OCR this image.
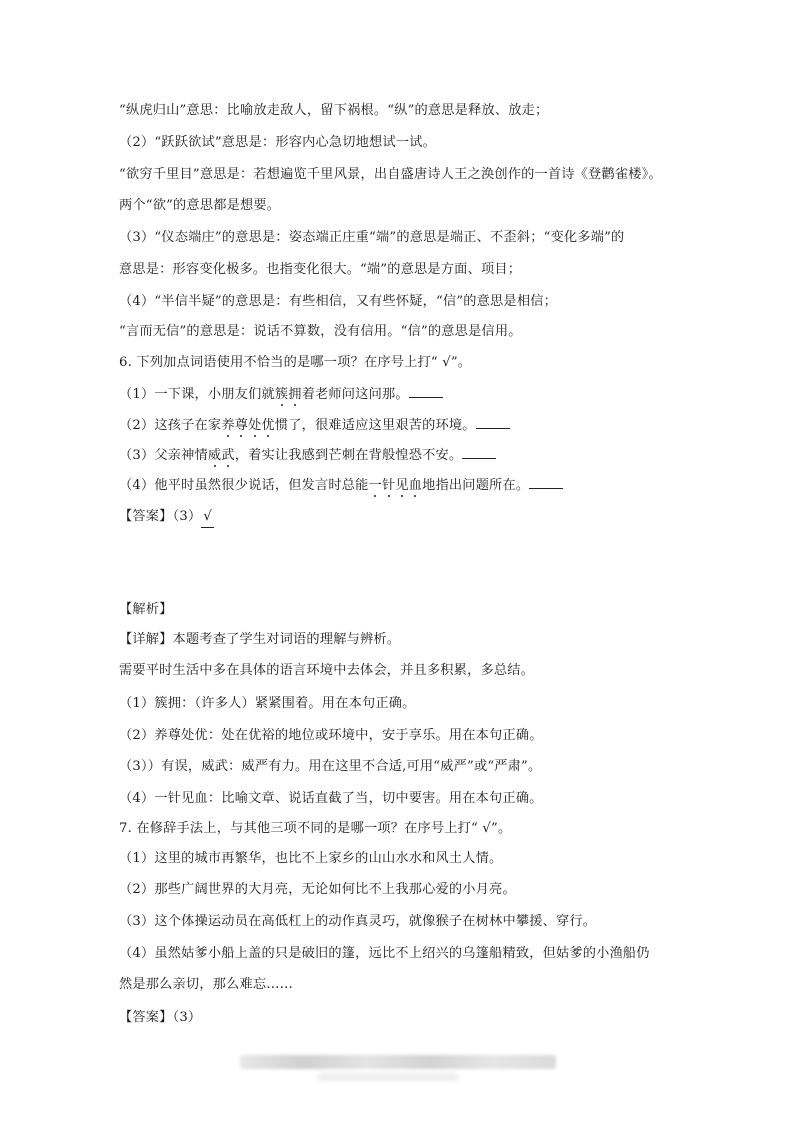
“纵虎归山”意思：比喻放走敌人，留下祸根。“纵”的意思是释放、放走；
（2）“跃跃欲试”意思是：形容内心急切地想试一试。
“欲穷千里目”意思是：若想遍览千里风景，出自盛唐诗人王之涣创作的一首诗《登鹳雀楼》。
两个“欲”的意思都是想要。
（3）“仪态端庄”的意思是：姿态端正庄重“端”的意思是端正、不歪斜；“变化多端”的
意思是：形容变化极多。也指变化很大。“端”的意思是方面、项目；
（4）“半信半疑”的意思是：有些相信，又有些怀疑，“信”的意思是相信；
“言而无信”的意思是：说话不算数，没有信用。“信”的意思是信用。
6. 下列加点词语使用不恰当的是哪一项？在序号上打“ √”。
（1）一下课，小朋友们就簇拥着老师问这问那。
（2）这孩子在家养尊处优惯了，很难适应这里艰苦的环境。
（3）父亲神情威武，着实让我感到芒刺在背般惶恐不安。
（4）他平时虽然很少说话，但发言时总能一针见血地指出问题所在。
【答案】（3） √
【解析】
【详解】本题考查了学生对词语的理解与辨析。
需要平时生活中多在具体的语言环境中去体会，并且多积累，多总结。
（1）簇拥：（许多人）紧紧围着。用在本句正确。
（2）养尊处优：处在优裕的地位或环境中，安于享乐。用在本句正确。
（3））有误，威武：威严有力。用在这里不合适,可用“威严”或“严肃”。
（4）一针见血：比喻文章、说话直截了当，切中要害。用在本句正确。
7. 在修辞手法上，与其他三项不同的是哪一项？在序号上打“ √”。
（1）这里的城市再繁华，也比不上家乡的山山水水和风土人情。
（2）那些广阔世界的大月亮，无论如何比不上我那心爱的小月亮。
（3）这个体操运动员在高低杠上的动作真灵巧，就像猴子在树林中攀援、穿行。
（4）虽然姑爹小船上盖的只是破旧的篷，远比不上绍兴的乌篷船精致，但姑爹的小渔船仍
然是那么亲切，那么难忘……
【答案】（3）
